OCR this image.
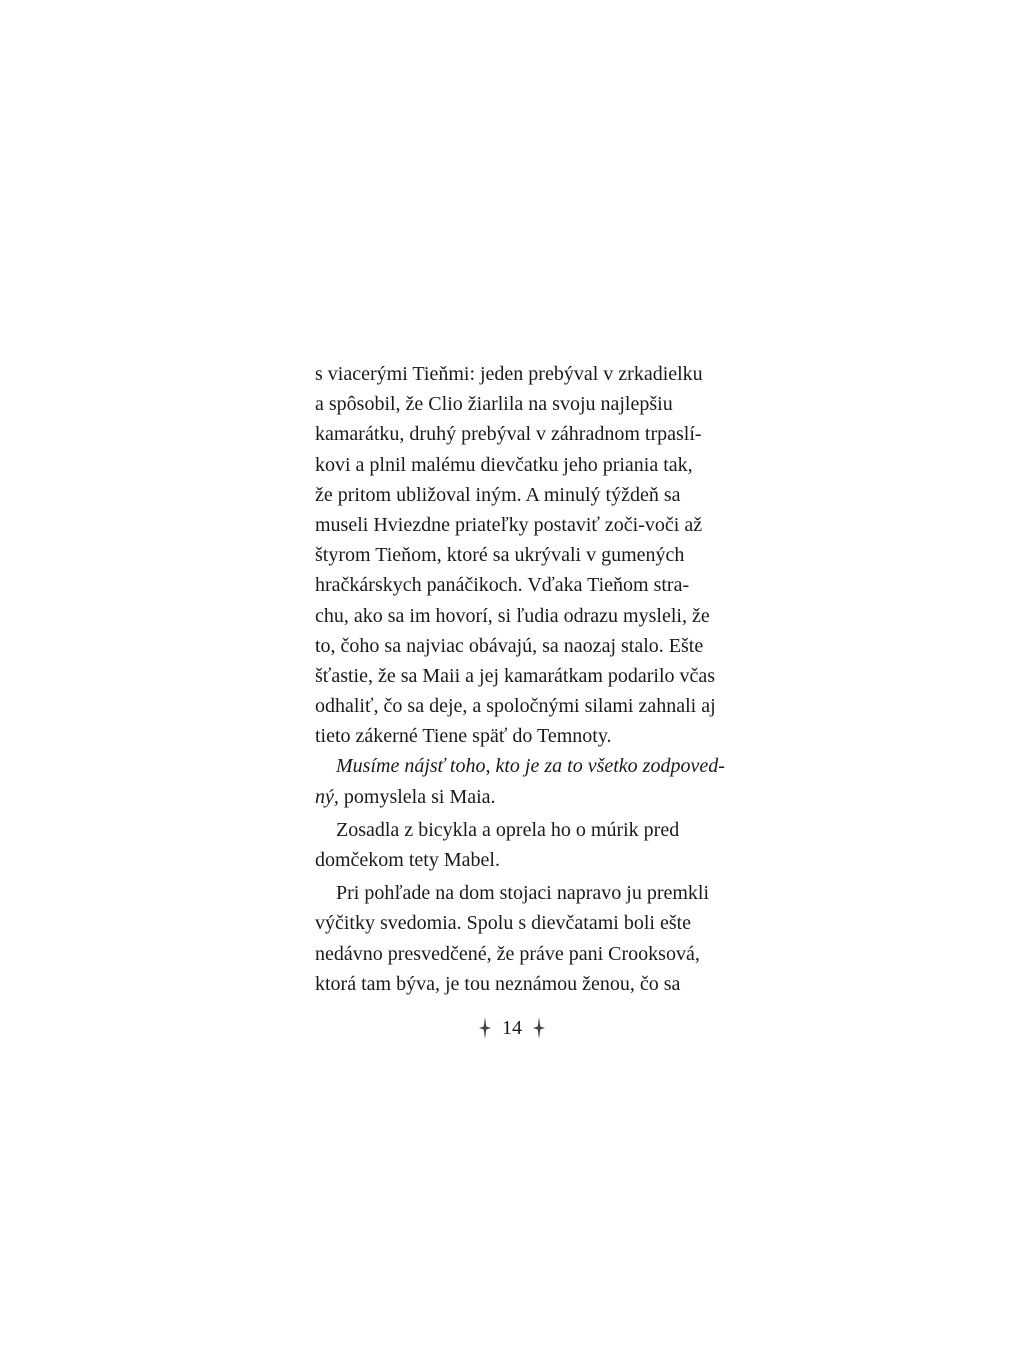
s viacerými Tieňmi: jeden prebýval v zrkadielku
a spôsobil, že Clio žiarlila na svoju najlepšiu
kamarátku, druhý prebýval v záhradnom trpaslí-
kovi a plnil malému dievčatku jeho priania tak,
že pritom ubližoval iným. A minulý týždeň sa
museli Hviezdne priateľky postaviť zoči-voči až
štyrom Tieňom, ktoré sa ukrývali v gumených
hračkárskych panáčikoch. Vďaka Tieňom stra-
chu, ako sa im hovorí, si ľudia odrazu mysleli, že
to, čoho sa najviac obávajú, sa naozaj stalo. Ešte
šťastie, že sa Maii a jej kamarátkam podarilo včas
odhaliť, čo sa deje, a spoločnými silami zahnali aj
tieto zákerné Tiene späť do Temnoty.
Musíme nájsť toho, kto je za to všetko zodpoved-
ný, pomyslela si Maia.
Zosadla z bicykla a oprela ho o múrik pred
domčekom tety Mabel.
Pri pohľade na dom stojaci napravo ju premkli
výčitky svedomia. Spolu s dievčatami boli ešte
nedávno presvedčené, že práve pani Crooksová,
ktorá tam býva, je tou neznámou ženou, čo sa
14
